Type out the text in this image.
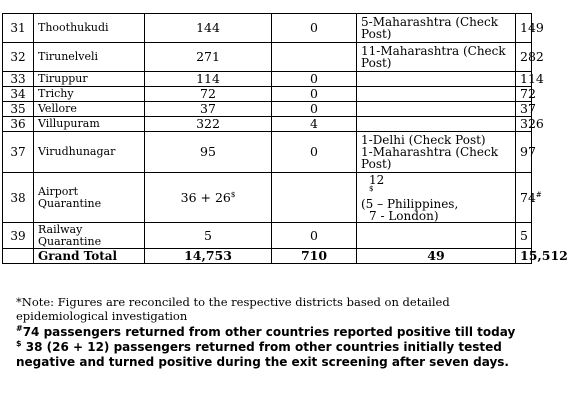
31	Thoothukudi	144	0	5-Maharashtra (Check
Post)	149
32	Tirunelveli	271		11-Maharashtra (Check
Post)	282
33	Tiruppur	114	0		114
34	Trichy	72	0		72
35	Vellore	37	0		37
36	Villupuram	322	4		326
37	Virudhunagar	95	0	1-Delhi (Check Post)
1-Maharashtra (Check
Post)	97
38	Airport
Quarantine	36 + 26$		12
$
(5 – Philippines,
7 - London)	74#
39	Railway
Quarantine	5	0		5
	Grand Total	14,753	710	49	15,512

*Note: Figures are reconciled to the respective districts based on detailed epidemiological investigation

#74 passengers returned from other countries reported positive till today

$ 38 (26 + 12) passengers returned from other countries initially tested negative and turned positive during the exit screening after seven days.
